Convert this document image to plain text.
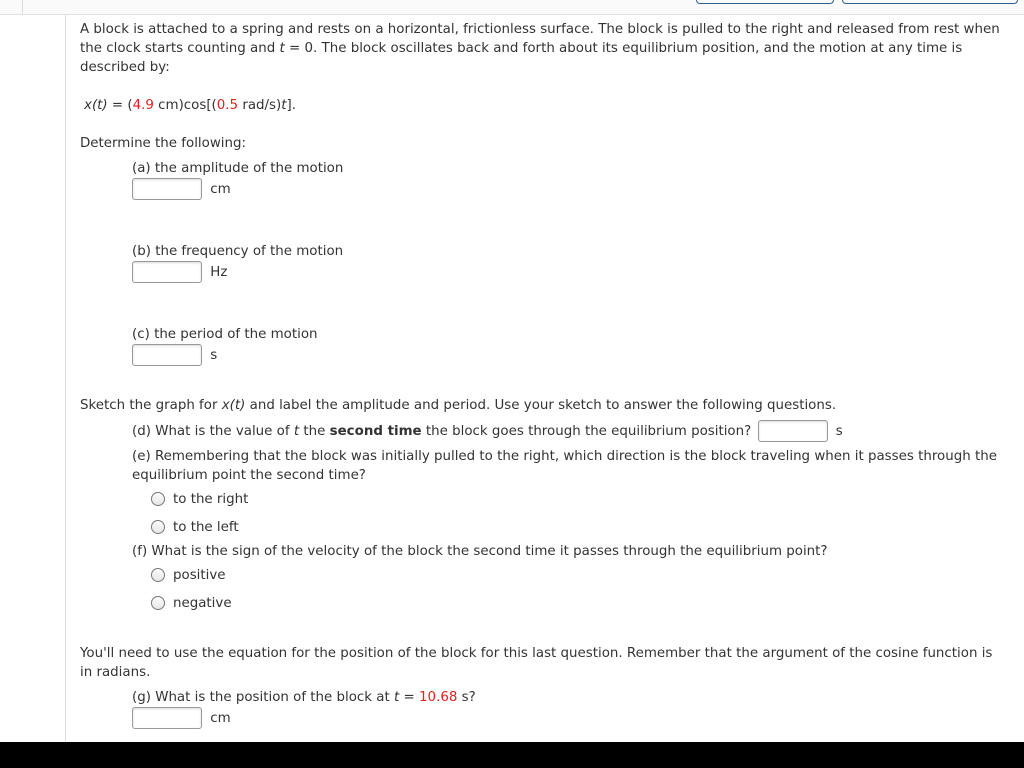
A block is attached to a spring and rests on a horizontal, frictionless surface. The block is pulled to the right and released from rest when the clock starts counting and t = 0. The block oscillates back and forth about its equilibrium position, and the motion at any time is described by:

x(t) = (4.9 cm)cos[(0.5 rad/s)t].

Determine the following:

(a) the amplitude of the motion
cm
(b) the frequency of the motion
Hz
(c) the period of the motion
s

Sketch the graph for x(t) and label the amplitude and period. Use your sketch to answer the following questions.

(d) What is the value of t the second time the block goes through the equilibrium position?	s
(e) Remembering that the block was initially pulled to the right, which direction is the block traveling when it passes through the equilibrium point the second time?
to the right
to the left
(f) What is the sign of the velocity of the block the second time it passes through the equilibrium point?
positive
negative

You'll need to use the equation for the position of the block for this last question. Remember that the argument of the cosine function is in radians.

(g) What is the position of the block at t = 10.68 s?
cm
